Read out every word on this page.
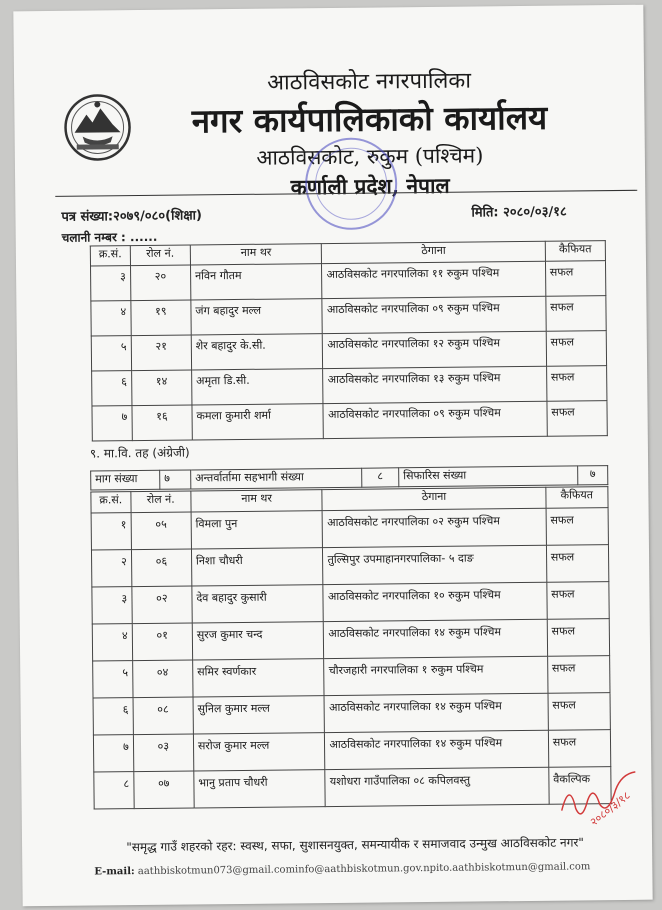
आठविसकोट नगरपालिका
नगर कार्यपालिकाको कार्यालय
आठविसकोट, रुकुम (पश्चिम)
कर्णाली प्रदेश, नेपाल
पत्र संख्या:२०७९/०८०(शिक्षा)	मिति: २०८०/०३/१८
चलानी नम्बर : ......
क्र.सं.	रोल नं.	नाम थर	ठेगाना	कैफियत
३	२०	नविन गौतम	आठविसकोट नगरपालिका ११ रुकुम पश्चिम	सफल
४	१९	जंग बहादुर मल्ल	आठविसकोट नगरपालिका ०९ रुकुम पश्चिम	सफल
५	२१	शेर बहादुर के.सी.	आठविसकोट नगरपालिका १२ रुकुम पश्चिम	सफल
६	१४	अमृता डि.सी.	आठविसकोट नगरपालिका १३ रुकुम पश्चिम	सफल
७	१६	कमला कुमारी शर्मा	आठविसकोट नगरपालिका ०९ रुकुम पश्चिम	सफल
९. मा.वि. तह (अंग्रेजी)
माग संख्या	७	अन्तर्वार्तामा सहभागी संख्या	८	सिफारिस संख्या	७
क्र.सं.	रोल नं.	नाम थर	ठेगाना	कैफियत
१	०५	विमला पुन	आठविसकोट नगरपालिका ०२ रुकुम पश्चिम	सफल
२	०६	निशा चौधरी	तुल्सिपुर उपमाहानगरपालिका- ५ दाङ	सफल
३	०२	देव बहादुर कुसारी	आठविसकोट नगरपालिका १० रुकुम पश्चिम	सफल
४	०१	सुरज कुमार चन्द	आठविसकोट नगरपालिका १४ रुकुम पश्चिम	सफल
५	०४	समिर स्वर्णकार	चौरजहारी नगरपालिका १ रुकुम पश्चिम	सफल
६	०८	सुनिल कुमार मल्ल	आठविसकोट नगरपालिका १४ रुकुम पश्चिम	सफल
७	०३	सरोज कुमार मल्ल	आठविसकोट नगरपालिका १४ रुकुम पश्चिम	सफल
८	०७	भानु प्रताप चौधरी	यशोधरा गाउँपालिका ०८ कपिलवस्तु	वैकल्पिक
२०८०/३/१८
"समृद्ध गाउँ शहरको रहर: स्वस्थ, सफा, सुशासनयुक्त, समन्यायीक र समाजवाद उन्मुख आठविसकोट नगर"
E-mail: aathbiskotmun073@gmail.cominfo@aathbiskotmun.gov.npito.aathbiskotmun@gmail.com
